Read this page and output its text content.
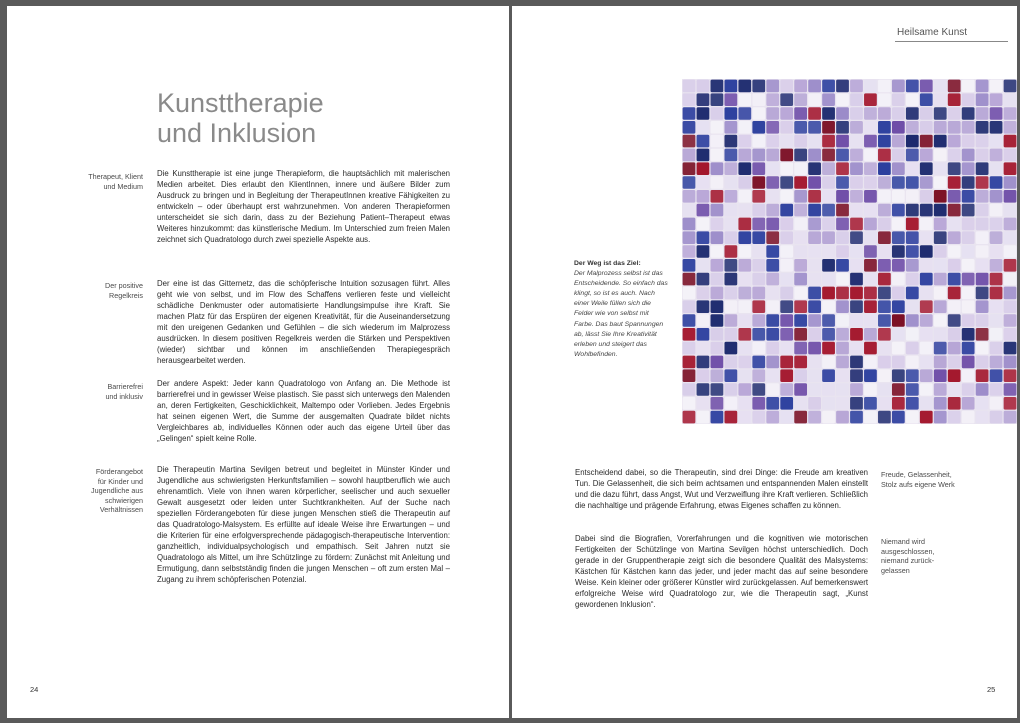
Kunsttherapie
und Inklusion
Therapeut, Klient
und Medium
Der positive
Regelkreis
Barrierefrei
und inklusiv
Förderangebot
für Kinder und
Jugendliche aus
schwierigen
Verhältnissen

Die Kunsttherapie ist eine junge Therapieform, die hauptsächlich mit malerischen Medien arbeitet. Dies erlaubt den KlientInnen, innere und äußere Bilder zum Ausdruck zu bringen und in Begleitung der TherapeutInnen kreative Fähigkeiten zu entwickeln – oder überhaupt erst wahrzunehmen. Von anderen Therapieformen unterscheidet sie sich darin, dass zu der Beziehung Patient–Therapeut etwas Weiteres hinzukommt: das künstlerische Medium. Im Unterschied zum freien Malen zeichnet sich Quadratologo durch zwei spezielle Aspekte aus.

Der eine ist das Gitternetz, das die schöpferische Intuition sozusagen führt. Alles geht wie von selbst, und im Flow des Schaffens verlieren feste und vielleicht schädliche Denkmuster oder automatisierte Handlungsimpulse ihre Kraft. Sie machen Platz für das Erspüren der eigenen Kreativität, für die Auseinandersetzung mit den ureigenen Gedanken und Gefühlen – die sich wiederum im Malprozess ausdrücken. In diesem positiven Regelkreis werden die Stärken und Perspektiven (wieder) sichtbar und können im anschließenden Therapiegespräch herausgearbeitet werden.

Der andere Aspekt: Jeder kann Quadratologo von Anfang an. Die Methode ist barrierefrei und in gewisser Weise plastisch. Sie passt sich unterwegs den Malenden an, deren Fertigkeiten, Geschicklichkeit, Maltempo oder Vorlieben. Jedes Ergebnis hat seinen eigenen Wert, die Summe der ausgemalten Quadrate bildet nichts Vergleichbares ab, individuelles Können oder auch das eigene Urteil über das „Gelingen“ spielt keine Rolle.

Die Therapeutin Martina Sevilgen betreut und begleitet in Münster Kinder und Jugendliche aus schwierigsten Herkunftsfamilien – sowohl hauptberuflich wie auch ehrenamtlich. Viele von ihnen waren körperlicher, seelischer und auch sexueller Gewalt ausgesetzt oder leiden unter Suchtkrankheiten. Auf der Suche nach speziellen Förderangeboten für diese jungen Menschen stieß die Therapeutin auf das Quadratologo-Malsystem. Es erfüllte auf ideale Weise ihre Erwartungen – und die Kriterien für eine erfolgversprechende pädagogisch-therapeutische Intervention: ganzheitlich, individualpsychologisch und empathisch. Seit Jahren nutzt sie Quadratologo als Mittel, um ihre Schützlinge zu fördern: Zunächst mit Anleitung und Ermutigung, dann selbstständig finden die jungen Menschen – oft zum ersten Mal – Zugang zu ihrem schöpferischen Potenzial.

24
Heilsame Kunst
Der Weg ist das Ziel:
Der Malprozess selbst ist das Entscheidende. So einfach das klingt, so ist es auch. Nach einer Weile füllen sich die Felder wie von selbst mit Farbe. Das baut Spannungen ab, lässt Sie Ihre Kreativität erleben und steigert das Wohlbefinden.

Entscheidend dabei, so die Therapeutin, sind drei Dinge: die Freude am kreativen Tun. Die Gelassenheit, die sich beim achtsamen und entspannenden Malen einstellt und die dazu führt, dass Angst, Wut und Verzweiflung ihre Kraft verlieren. Schließlich die nachhaltige und prägende Erfahrung, etwas Eigenes schaffen zu können.

Dabei sind die Biografien, Vorerfahrungen und die kognitiven wie motorischen Fertigkeiten der Schützlinge von Martina Sevilgen höchst unterschiedlich. Doch gerade in der Gruppentherapie zeigt sich die besondere Qualität des Malsystems: Kästchen für Kästchen kann das jeder, und jeder macht das auf seine besondere Weise. Kein kleiner oder größerer Künstler wird zurückgelassen. Auf bemerkenswert erfolgreiche Weise wird Quadratologo zur, wie die Therapeutin sagt, „Kunst gewordenen Inklusion“.

Freude, Gelassenheit,
Stolz aufs eigene Werk
Niemand wird
ausgeschlossen,
niemand zurück-
gelassen
25
